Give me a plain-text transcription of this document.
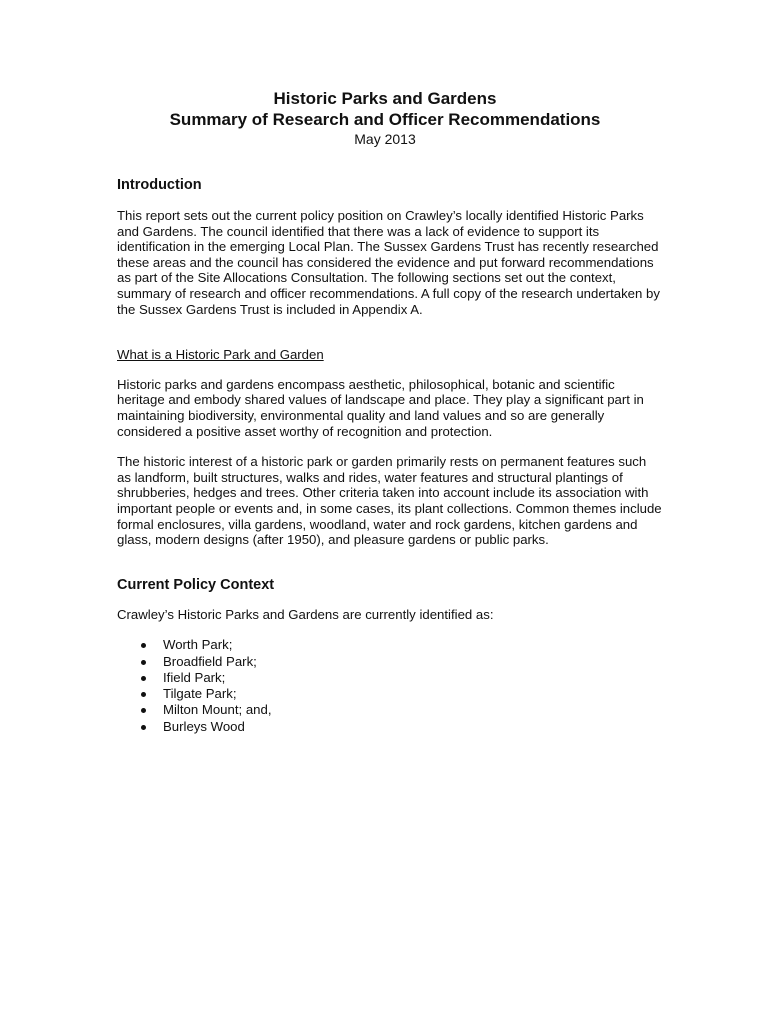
Historic Parks and Gardens

Summary of Research and Officer Recommendations

May 2013

Introduction

This report sets out the current policy position on Crawley’s locally identified Historic Parks and Gardens. The council identified that there was a lack of evidence to support its identification in the emerging Local Plan. The Sussex Gardens Trust has recently researched these areas and the council has considered the evidence and put forward recommendations as part of the Site Allocations Consultation. The following sections set out the context, summary of research and officer recommendations. A full copy of the research undertaken by the Sussex Gardens Trust is included in Appendix A.

What is a Historic Park and Garden

Historic parks and gardens encompass aesthetic, philosophical, botanic and scientific heritage and embody shared values of landscape and place. They play a significant part in maintaining biodiversity, environmental quality and land values and so are generally considered a positive asset worthy of recognition and protection.

The historic interest of a historic park or garden primarily rests on permanent features such as landform, built structures, walks and rides, water features and structural plantings of shrubberies, hedges and trees. Other criteria taken into account include its association with important people or events and, in some cases, its plant collections. Common themes include formal enclosures, villa gardens, woodland, water and rock gardens, kitchen gardens and glass, modern designs (after 1950), and pleasure gardens or public parks.

Current Policy Context

Crawley’s Historic Parks and Gardens are currently identified as:

Worth Park;
Broadfield Park;
Ifield Park;
Tilgate Park;
Milton Mount; and,
Burleys Wood
